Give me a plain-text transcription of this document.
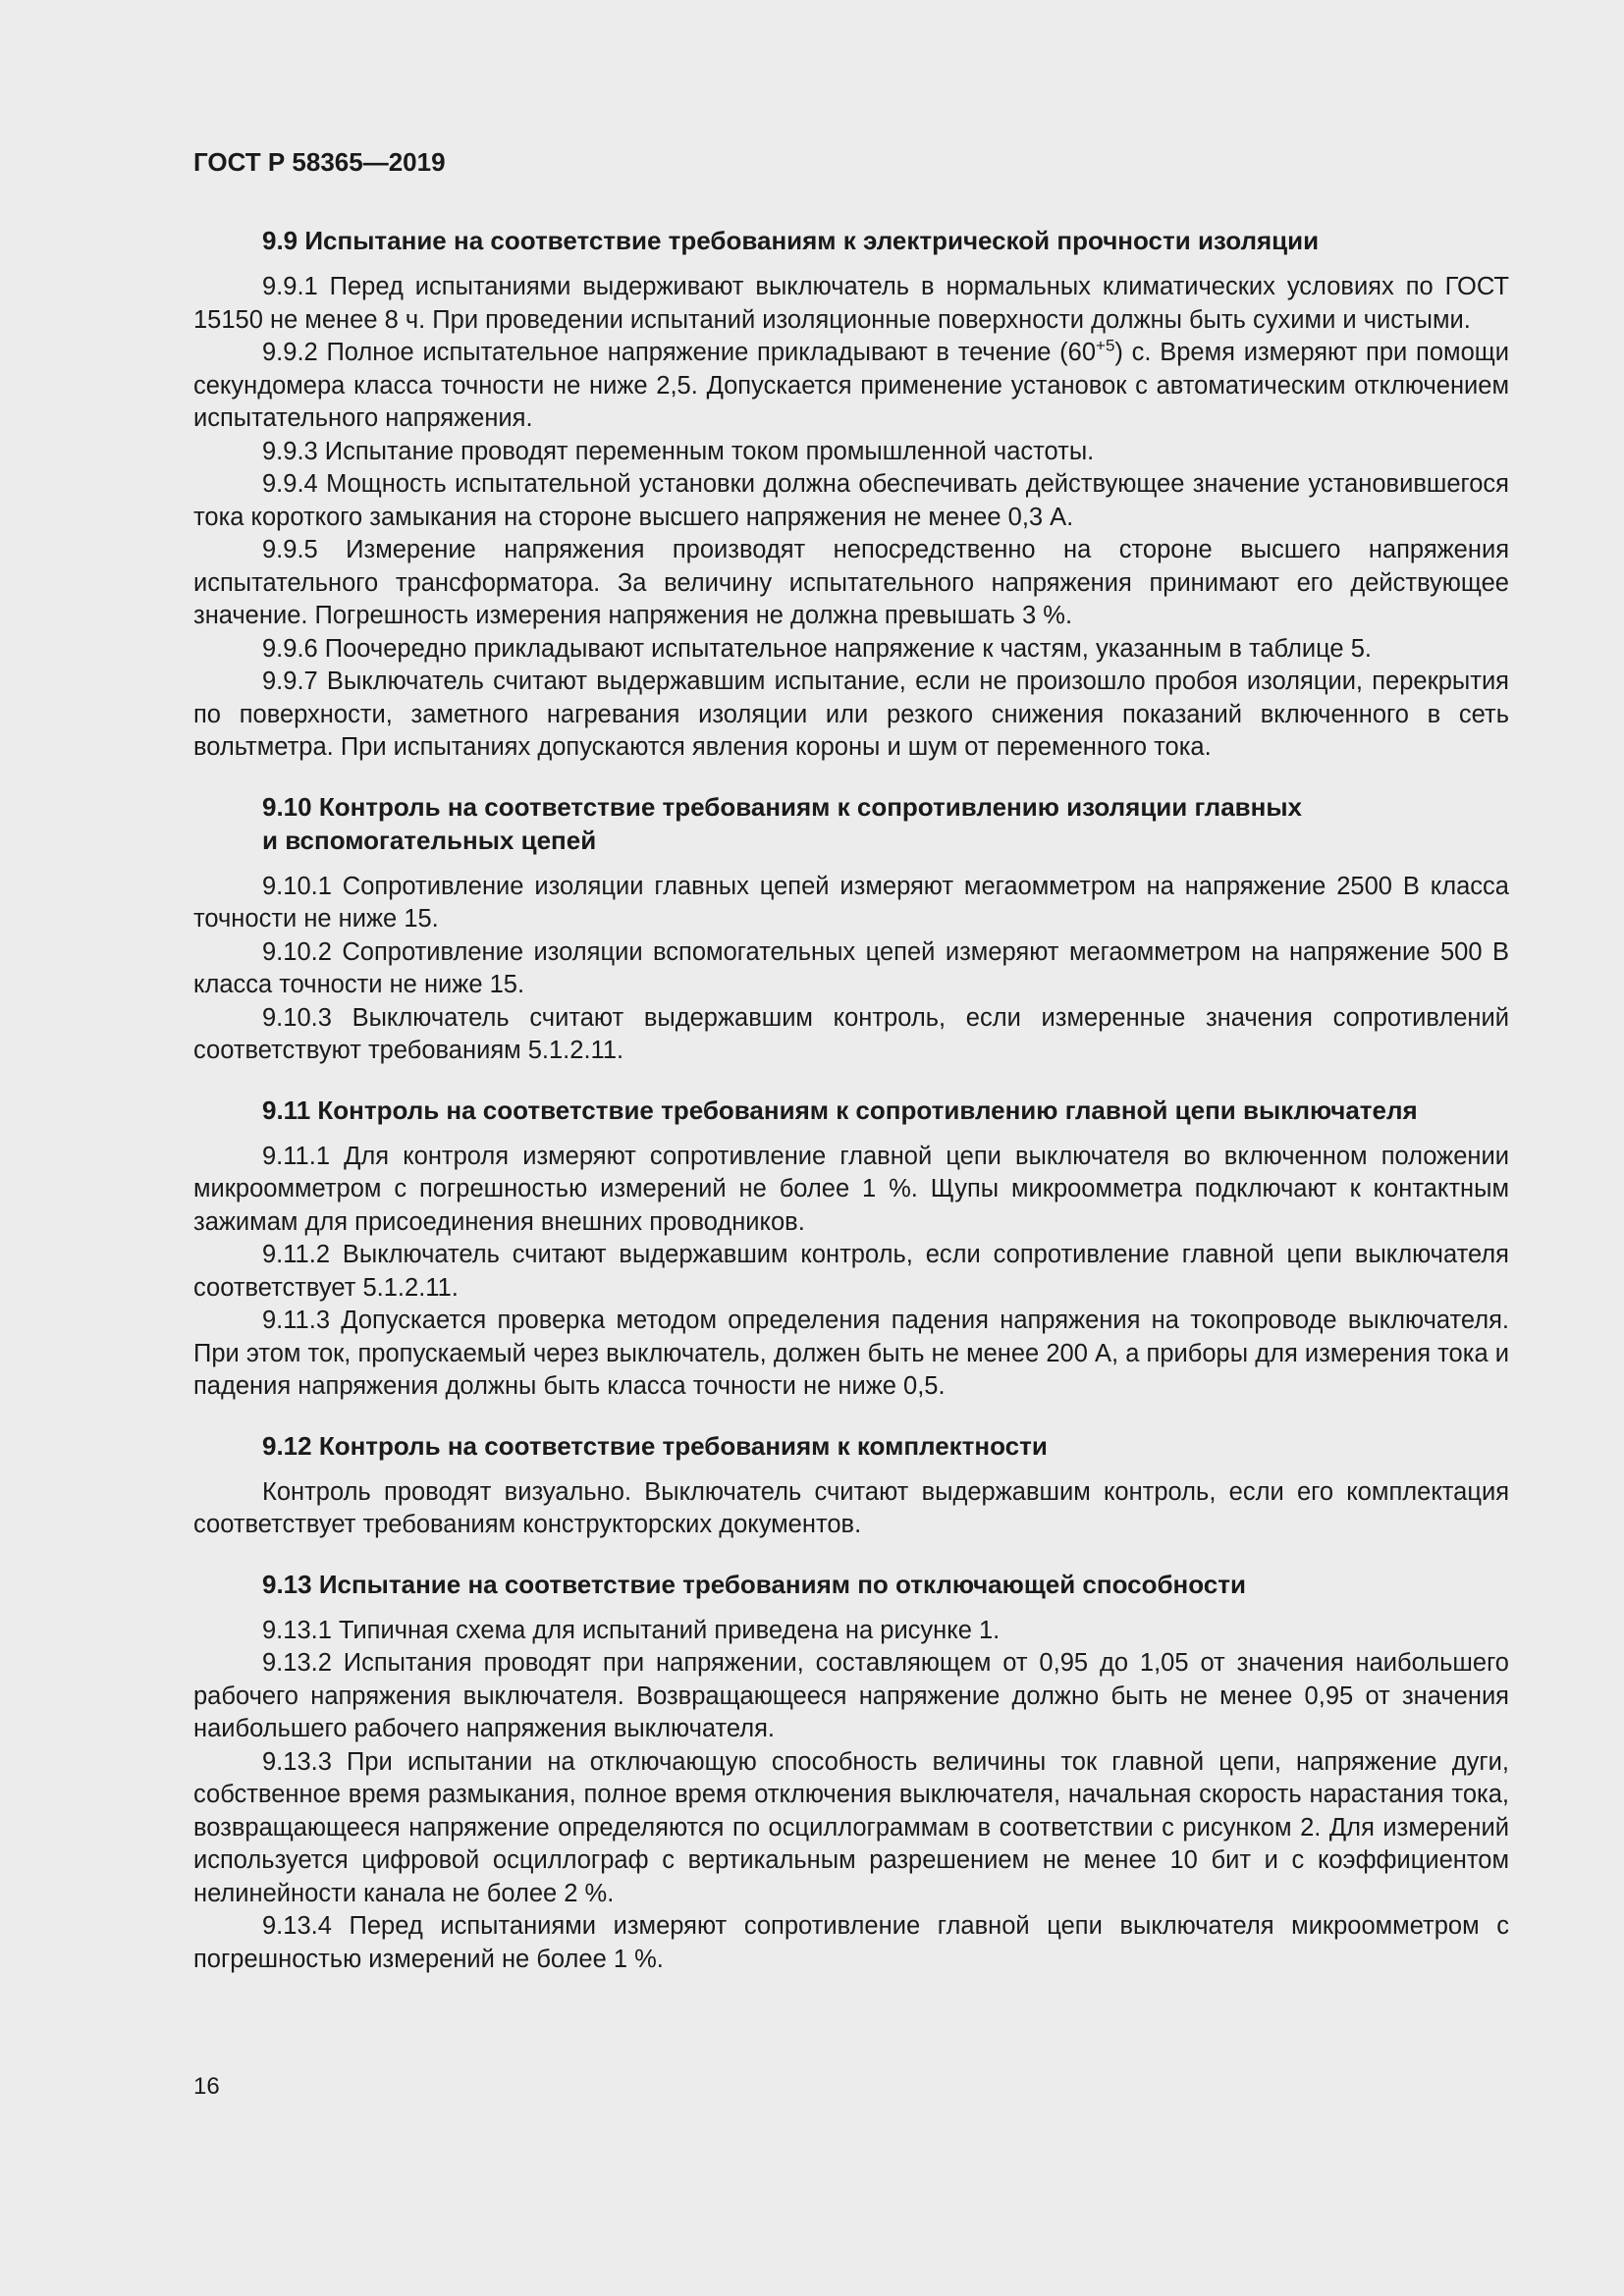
ГОСТ Р 58365—2019

9.9 Испытание на соответствие требованиям к электрической прочности изоляции

9.9.1 Перед испытаниями выдерживают выключатель в нормальных климатических условиях по ГОСТ 15150 не менее 8 ч. При проведении испытаний изоляционные поверхности должны быть сухими и чистыми.

9.9.2 Полное испытательное напряжение прикладывают в течение $(60^{+5})$ с. Время измеряют при помощи секундомера класса точности не ниже 2,5. Допускается применение установок с автоматическим отключением испытательного напряжения.

9.9.3 Испытание проводят переменным током промышленной частоты.

9.9.4 Мощность испытательной установки должна обеспечивать действующее значение установившегося тока короткого замыкания на стороне высшего напряжения не менее 0,3 А.

9.9.5 Измерение напряжения производят непосредственно на стороне высшего напряжения испытательного трансформатора. За величину испытательного напряжения принимают его действующее значение. Погрешность измерения напряжения не должна превышать 3 %.

9.9.6 Поочередно прикладывают испытательное напряжение к частям, указанным в таблице 5.

9.9.7 Выключатель считают выдержавшим испытание, если не произошло пробоя изоляции, перекрытия по поверхности, заметного нагревания изоляции или резкого снижения показаний включенного в сеть вольтметра. При испытаниях допускаются явления короны и шум от переменного тока.

9.10 Контроль на соответствие требованиям к сопротивлению изоляции главных
и вспомогательных цепей

9.10.1 Сопротивление изоляции главных цепей измеряют мегаомметром на напряжение 2500 В класса точности не ниже 15.

9.10.2 Сопротивление изоляции вспомогательных цепей измеряют мегаомметром на напряжение 500 В класса точности не ниже 15.

9.10.3 Выключатель считают выдержавшим контроль, если измеренные значения сопротивлений соответствуют требованиям 5.1.2.11.

9.11 Контроль на соответствие требованиям к сопротивлению главной цепи выключателя

9.11.1 Для контроля измеряют сопротивление главной цепи выключателя во включенном положении микроомметром с погрешностью измерений не более 1 %. Щупы микроомметра подключают к контактным зажимам для присоединения внешних проводников.

9.11.2 Выключатель считают выдержавшим контроль, если сопротивление главной цепи выключателя соответствует 5.1.2.11.

9.11.3 Допускается проверка методом определения падения напряжения на токопроводе выключателя. При этом ток, пропускаемый через выключатель, должен быть не менее 200 А, а приборы для измерения тока и падения напряжения должны быть класса точности не ниже 0,5.

9.12 Контроль на соответствие требованиям к комплектности

Контроль проводят визуально. Выключатель считают выдержавшим контроль, если его комплектация соответствует требованиям конструкторских документов.

9.13 Испытание на соответствие требованиям по отключающей способности

9.13.1 Типичная схема для испытаний приведена на рисунке 1.

9.13.2 Испытания проводят при напряжении, составляющем от 0,95 до 1,05 от значения наибольшего рабочего напряжения выключателя. Возвращающееся напряжение должно быть не менее 0,95 от значения наибольшего рабочего напряжения выключателя.

9.13.3 При испытании на отключающую способность величины ток главной цепи, напряжение дуги, собственное время размыкания, полное время отключения выключателя, начальная скорость нарастания тока, возвращающееся напряжение определяются по осциллограммам в соответствии с рисунком 2. Для измерений используется цифровой осциллограф с вертикальным разрешением не менее 10 бит и с коэффициентом нелинейности канала не более 2 %.

9.13.4 Перед испытаниями измеряют сопротивление главной цепи выключателя микроомметром с погрешностью измерений не более 1 %.

16
